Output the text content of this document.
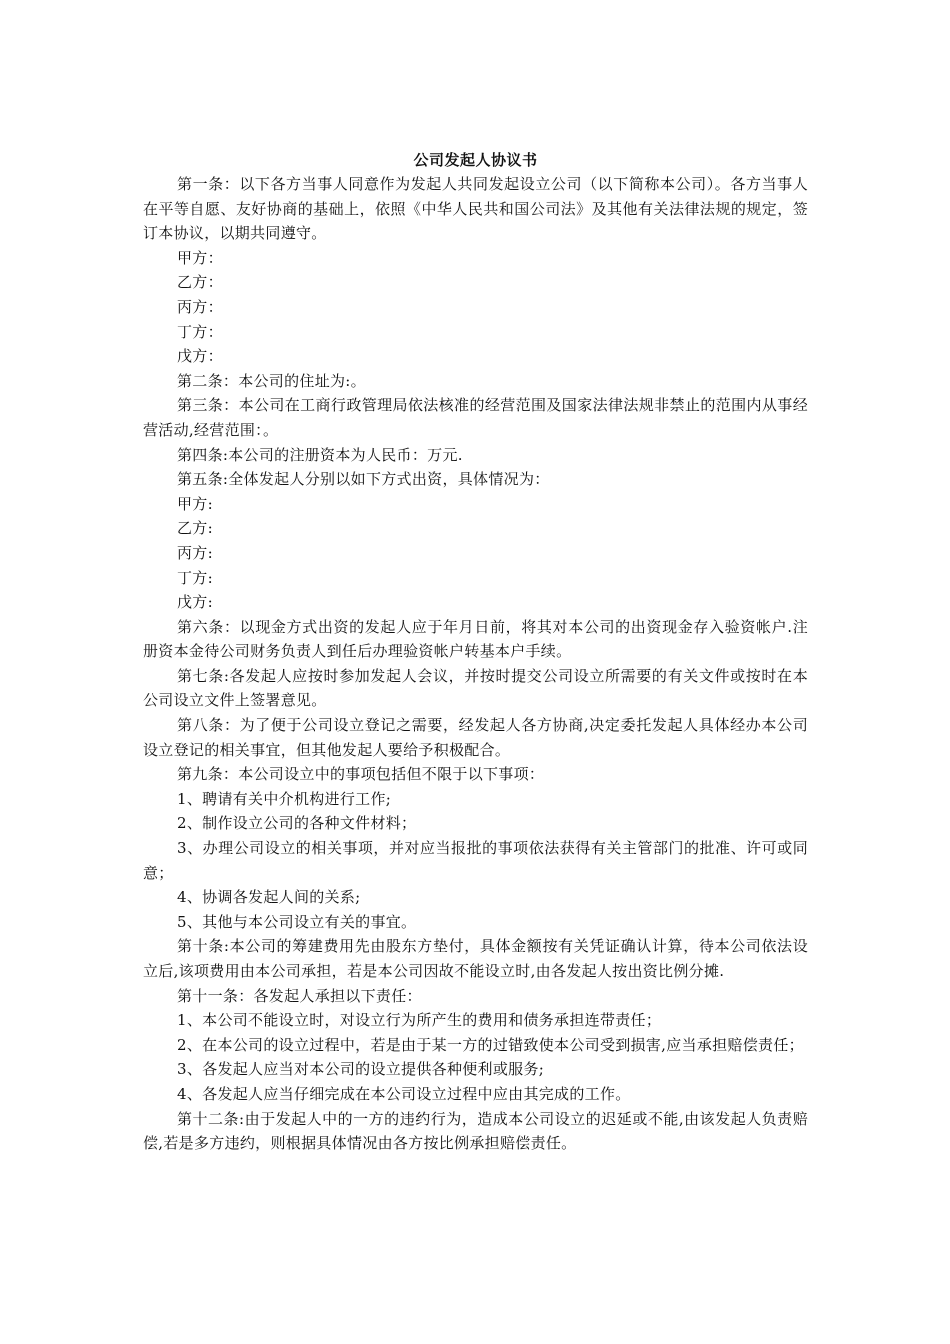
公司发起人协议书

第一条：以下各方当事人同意作为发起人共同发起设立公司（以下简称本公司）。各方当事人在平等自愿、友好协商的基础上，依照《中华人民共和国公司法》及其他有关法律法规的规定，签订本协议，以期共同遵守。

甲方：

乙方：

丙方：

丁方：

戊方：

第二条：本公司的住址为:。

第三条：本公司在工商行政管理局依法核准的经营范围及国家法律法规非禁止的范围内从事经营活动,经营范围：。

第四条:本公司的注册资本为人民币：万元.

第五条:全体发起人分别以如下方式出资，具体情况为：

甲方:

乙方:

丙方:

丁方:

戊方:

第六条：以现金方式出资的发起人应于年月日前，将其对本公司的出资现金存入验资帐户.注册资本金待公司财务负责人到任后办理验资帐户转基本户手续。

第七条:各发起人应按时参加发起人会议，并按时提交公司设立所需要的有关文件或按时在本公司设立文件上签署意见。

第八条：为了便于公司设立登记之需要，经发起人各方协商,决定委托发起人具体经办本公司设立登记的相关事宜，但其他发起人要给予积极配合。

第九条：本公司设立中的事项包括但不限于以下事项：

1、聘请有关中介机构进行工作;

2、制作设立公司的各种文件材料；

3、办理公司设立的相关事项，并对应当报批的事项依法获得有关主管部门的批准、许可或同意；

4、协调各发起人间的关系;

5、其他与本公司设立有关的事宜。

第十条:本公司的筹建费用先由股东方垫付，具体金额按有关凭证确认计算，待本公司依法设立后,该项费用由本公司承担，若是本公司因故不能设立时,由各发起人按出资比例分摊.

第十一条：各发起人承担以下责任：

1、本公司不能设立时，对设立行为所产生的费用和债务承担连带责任；

2、在本公司的设立过程中，若是由于某一方的过错致使本公司受到损害,应当承担赔偿责任；

3、各发起人应当对本公司的设立提供各种便利或服务;

4、各发起人应当仔细完成在本公司设立过程中应由其完成的工作。

第十二条:由于发起人中的一方的违约行为，造成本公司设立的迟延或不能,由该发起人负责赔偿,若是多方违约，则根据具体情况由各方按比例承担赔偿责任。
